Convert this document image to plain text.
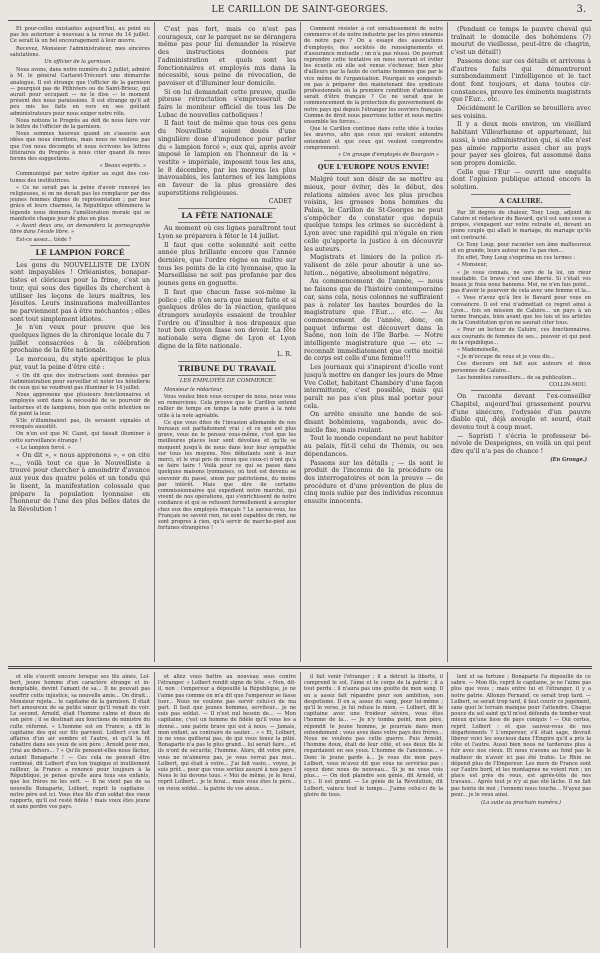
LE CARILLON DE SAINT-GEORGES.	3.

Et pour-celles existantes aujourd'hui, au point où pas les autoriser à nouveau à la revue du 14 juillet. Ce serait là un bel encouragement à leur œuvre.

Recevez, Monsieur l'administrateur, mes sincères salutations.

Un officier de la garnison.

Nous avons, dans notre numéro du 2 juillet, admiré à M. le général Cartaret-Trécourt une démarche analogue. Il est étrange que l'officier de la garnison — pourquoi pas de Pithiviers ou de Saint-Brieuc, qui aurait pour occupant — ne le dise — le moment présent des nous paraissions. Il est étrange qu'il ait peu mis les faits en vers en ses goûtant administrateurs pour nous exiger notre rôle.

Nous notions le Progrès au défi de nous faire voir le lettre de l'officier de la garnison.

Nous sommes heureux quand on s'associe aux idées que nous émettons, mais nous ne voulons pas que l'on nous décompte et nous écrivons les lettres littéraires du Progrès à nous citer quand ils nous ferons des suggestions.

« Beaux esprits. »

Communiqué par notre épitier au sujet des coutumes des institutrices.

« Ce ne serait pas la peine d'avoir renvoyé les religieuses, si on ne devait pas les remplacer par des jeunes femmes dignes de représentation ; par leur grâce et leurs charmes, la République efféminera la légende nous donnera l'amélioration morale qui se manifeste chaque jour de plus en plus.

« Avant deux ans, on demandera la pornographie libre dans l'école libre. »

Est-ce assez... tiède ?

LE LAMPION FORCÉ

Les gens du NOUVELLISTE DE LYON sont impayables ! Orléanistes, bonapartistes et cléricaux pour la frime, c'est un tour, qui sous des tigelles ils cherchent à utiliser les leçons de leurs maîtres, les Jésuites. Leurs insinuations malveillantes ne parviennent pas à être méchantes ; elles sont tout simplement idiotes.

Je n'en veux pour preuve que les quelques lignes de la chronique locale du 7 juillet consacrées à la célébration prochaine de la fête nationale.

Le morceau, du style apéritique le plus pur, vaut la peine d'être cité :

« On dit que des instructions sont données par l'administration pour surveiller et noter les hôtellerie de ceux qui ne voudront pas illuminer le 14 juillet.

Nous apprenons que plusieurs fonctionnaires et employés sont dans la nécessité de se pourvoir de lanternes et de lampions, bien que cette intention ne fût point la leur.

S'ils n'illuminaient pas, ils seraient signalés et révoqués aussitôt.

On n'en est que M. Cazet, qui faisait illuminer à cette surveillance étrange !

« Le lampion forcé. »

« On dit », « nous apprenons », « on cite »..., voilà tout ce que le Nouvelliste a trouvé pour chercher à amoindrir d'avance aux yeux des quatre pelés et un tondu qui le lisent, la manifestation colossale que prépare la population lyonnaise en l'honneur de l'une des plus belles dates de la Révolution !

C'est pas fort, mais ce n'est pas courageux, car le parquet ne se dérangera même pas pour lui demander la réserve des instructions données par l'administration et quels sont les fonctionnaires et employés mis dans la nécessité, sous peine de révocation, de pavoiser et d'illuminer leur domicile.

Si on lui demandait cette preuve, quelle piteuse rétractation s'empresserait de faire le moniteur officiel de tous les De Lubac de nouvelles catholiques !

Il faut tout de même que tous ces gens du Nouvelliste soient doués d'une singulière dose d'impudence pour parler du « lampion forcé », eux qui, après avoir imposé le lampion en l'honneur de la « vestite » impériale, imposent tous les ans, le 8 décembre, par les moyens les plus inavouables, les lanternes et les lampions en faveur de la plus grossière des superstitions religieuses.

CADET
LA FÊTE NATIONALE

Au moment où ces lignes paraîtront tout Lyon se préparera à fêter le 14 juillet.

Il faut que cette solennité soit cette année plus brillante encore que l'année dernière, que l'ordre règne en maître sur tous les points de la cité lyonnaise, que la Marseillaise ne soit pas profanée par des jeunes gens en goguette.

Il faut que chacun fasse soi-même la police ; elle n'en sera que mieux faite et si quelques drôles de la réaction, quelques étrangers soudoyés essaient de troubler l'ordre ou d'insulter à nos drapeaux que tout bon citoyen fasse son devoir. La fête nationale sera digne de Lyon et Lyon digne de la fête nationale.

L. R.
TRIBUNE DU TRAVAIL
LES EMPLOYÉS DE COMMERCE.

Monsieur le rédacteur,

Vous voulez bien vous occuper de nous, nous vous en remercions. Cela prouve que le Carillon entend rallier de temps en temps la note grave à la note utile à la note agréable.

Ce que vous dites de l'invasion allemande de nos bureaux est parfaitement vrai ; et ce qui est plus grave, vous ne le pensez vous-même, c'est que les meilleures places leur sont dévolues et qu'ils se moquent jusqu'à de nous dans leur leur sympathie sur tous les moyens. Nos débutants sont à leur merci, et le vrai pris de creux que ceux-ci n'ont qu'à se faire taire ! Voilà pour ce qui se passe dans quelques maisons lyonnaises, où tout est devenu se souvenir du passé, sinon par patriotisme, du moins par intérêt. Mais que dire de certains commissionnaires qui expédient notre marché, qui vivent de nos opérations, qui s'enrichissent de notre confiance et qui se refusent formellement à accepter chez eux des employés français ? Le saviez-vous, les Français ne savent rien, ne sont capables de rien, ne sont propres à rien, qu'à servir de marche-pied aux fortunes étrangères !

Comment résister à cet envahissement de notre commerce et de notre industrie par les pires ennemis de notre pays ? On a essayé des associations d'employés, des sociétés de renseignements et d'assurance mutuelle ; on n'a pas réussi. On pourrait reprendre cette tentative en nous ouvrant et éviter les écueils où elle est venue s'échouer, bien plus d'ailleurs par la faute de certains hommes que par le vice même de l'organisation. Pourquoi ne songerait-on pas à préparer des mainstenant des syndicats professionnels où la première condition d'admission serait d'être français ? Ce ne serait que le commencement de la protection du gouvernement de notre pays qui depuis l'étranger les ouvriers français. Comme de droit nous pourrions lutter et nous mettre ensemble les forces...

Que le Carillon continue dans cette idée à toutes les œuvres, afin que ceux qui veulent entendre entendent et que ceux qui veulent comprendre comprennent.

« Un groupe d'employés de Bourgoin »
QUE L'EUROPE NOUS ENVIE!

Malgré tout son désir de se mettre au mieux, pour éviter, dès le début, des relations aimées avec les plus proches voisins, les grosses bons hommes du Palais, le Carillon de St-Georges ne peut s'empêcher de constater que depuis quelque temps les crimes se succèdent à Lyon avec une rapidité qui n'égale en rien celle qu'apporte la justice à en découvrir les auteurs.

Magistrats et limiers de la police rivalisent de zèle pour aboutir à une solution... négative, absolument négative.

Au commencement de l'année, — nous ne faisons que de l'histoire contemporaine car, sans cela, nous colonnes ne suffiraient pas à relater les hautes bourdes de la magistrature que l'Eur.... etc. — Au commencement de l'année, donc, on paquet informe est découvert dans la Saône, non loin de l'île Barbe. — Notre intelligente magistrature que — etc — reconnaît immédiatement que cette moitié de corps est celle d'une femme!!!

Les journaux qui s'inspirent d'icelle vont jusqu'à mettre en danger les jours de Mme Vve Collet, habitant Chambéry d'une façon intermittente, c'est possible, mais qui paraît ne pas s'en plus mal porter pour cela.

On arrête ensuite une bande de soi-disant bohémiens, vagabonds, avec domicile fixe, mais roulant.

Tout le monde cependant ne peut habiter au palais, fût-il celui de Thémis, ou ses dépendances.

Passons sur les détails ; — ils sont le produit de l'inconnu de la procédure ou des interrogatoires et non la preuve — de procédure et d'une prévention de plus de cinq mois subie par des individus reconnus ensuite innocents.

(Pendant ce temps le pauvre cheval qui traînait le domicile des bohémiens (?) mourut de vieillesse, peut-être de chagrin, c'est un détail!)

Passons donc sur ces détails et arrivons à d'autres faits qui démontreront surabondamment l'intelligence et le tact dont font toujours, et dans toutes circonstances, preuve les éminents magistrats que l'Eur... etc.

Décidément le Carillon se brouillera avec ses voisins.

Il y a deux mois environ, un vieillard habitant Villeurbanne et appartenant, lui aussi, à une administration qui, si elle n'est pas aimée rapporte assez cher au pays pour payer ses gloires, fut assommé dans son propre domicile.

Celle que l'Eur — ouvrit une enquête dont l'opinion publique attend encore la solution.

A CALUIRE.

Par 36 degrés de chaleur, Tony Loup, adjoint de Caluire et rédacteur du Bavard, qu'il est sans cesse à propos, s'engagent sur votre retraite et, devant un jeune couple qui allait le mariage, du mariage qu'ils ont contracté.

Ce Tony Loup, pour raconter son âme malheureux et en grande, leurs auteur me l'a pas rien...

En effet, Tony Loup s'exprima en ces termes :

« Monsieur,

« Je vous connais, ne sors de la loi, un rieur insatiable. Ce brave c'est une liberté. Si c'était vos beaux je frais nous bannons. Moi, ne n'en fais point... pas d'avoir le pourvoir de cela avec une femme et la...

« Vous n'avez qu'à lire le Bavard pour vous en convaincre. Il est vrai n'admettait ce regret ainsi à Lyon... fois en mission de Caluire... un pays à un terme français, bien avant que les lois et les articles de la Constitution qu'on ne saurait citer tous.

« Pour un lecteur de Caluire, ces fonctionnaires, aux courants de femmes de ses... pouvoir et qui peut de la république...

« Mademoiselle,

« Je m'occupe de vous et je vous dis...

Ces discours ont fait aux auteurs et deux personnes de Caluire...

Les honnêtes conseillers... de sa publication...

COLLIN-MOU.

On raconte devant l'ex-conseiller Chapitel, aujourd'hui grassement pourvu d'une sinécure, l'odyssée d'un pauvre diable qui, déjà aveugle et sourd, était devenu tout à coup muet.

— Sapristi ! s'écria le professeur bénévole de Despeignes, en voilà un qui peut dire qu'il n'a pas de chance !

(En Grange.)

et elle s'ouvrit encore lorsque ses fils aînés, Lolbert, jeune homme d'un caractère étrange et indomptable, devint l'amant de sa... Il ne pouvait pas souffrir cette injustice, sa nouvelle amie... On dirait... Monsieur rejeta... le capitaine de la garnison. Il était fort amoureux de sa petite sœur qu'il venait de voir. Le second, Arnold, était l'homme calme et doux de son père ; il se destinait aux fonctions de ministre du culte réformé. « L'homme est en France, a dit le capitaine des qui sur fils parvient. Lolbert s'en fait affaires d'un air sombre et l'autre, et qu'il la fit rabattre dans ses yeux de son père : Arnold pour moi, j'irai au dehors... ? « Qu'ils pensent-elles nous fâcher, autant Bonaparte ! — Ces cela ne pouvait être continué, dit Lolbert d'un ton tragique et inutilement railleur, la France a renoncé pour toujours à la République, je pense qu'elle aura tous ses enfants, que les frères ne les sert. — Il ne vient pas de sa nouvelle Bonaparte, Lolbert, reprit le capitaine : notre père est ici. Vous êtes fils d'un soldat des vieux rapports, qu'il est resté fidèle ! mais voux êtes jeune et sans perdre vos pays.

et allez vous battre au nouveau sous contre l'étranger. » Lolbert rendit signe de tête. « Non, dit-il, non : l'empereur a dépouillé la République, je ne l'aime pas comme on m'a dit que l'empereur se fasse tuer... Nous ne voulons pas servir celui-ci de ma part. Il faut que jeunes hommes, serviteur... je ne suis pas soldat. — Il n'est nul besoin de... — Mon capitaine, c'est un homme de fidèle qu'il vous les a donné... une patrie brave qui est à nous. — Jamais, mon enfant, au contraire de sauter... » « Et, Lolbert, je ne vous quitterai pas, de qui vous tenez la pitié. Bonaparte n'a pas le plus grand... lui serait faire... et ils n'ont de sécurité, l'homme. Alors, dit votre père, vous ne m'aimerez pas, je vous verrai pas moi... Lolbert, qui était à votre... J'ai fait vaste... voyez, je suis prêt... pour que vous sortiez assuré à nos pays ! Nous le lui devons tous. « Moi de même, je le ferai, reprit Lolbert... je le ferai... mais vous êtes le père... un vieux soldat... la patrie de vos aïeux...

il fait venir l'étranger ; il a détruit la liberté, il comprend le sol, l'âme et le corps de la patrie ; il a tout perdu : il n'aura pas une goutte de mon sang. Il en a assez fait répandre pour son ambition, son despotisme. Il en a, assez du sang, pour lui-même ; qu'il le verse, je lui refuse le mien. — Lolbert, dit le capitaine avec une froideur sévère, vous êtes l'homme de la... — Je n'y tomba point, mon père, répondit le jeune homme, je pourrais dans mon entendement ; vous avez dans votre pays des frères... Nous ne voulons pas cette guerre. Puis Arnold, l'homme doux, était de leur côté, et ses deux fils le regardaient en ses yeux. L'homme de l'ancienne... « Donc le jeune garde à... Je vous dis mon pays. Lolbert, vous m'avez dit que vous ne serviriez pas ; soyez donc nous de nouveau... Si je ne vous vois plus... — On doit plaindre son génie, dit Arnold, et n'y... Il est grand. — Le génie de la Révolution, dit Lolbert, vaincu tout le temps... J'aime celui-ci de la gloire de tous.

lent et sa fortune ; Bonaparte l'a dépouillé de ce sabre. — Mon fils, reprit le capitaine, je ne l'aime pas plus que vous ; mais entre lui et l'étranger, il y a notre patrie. Allonzo Fernand, ce serait trop tard. — Lolbert, se serait trop tard, il faut courir ce jugement, sans quoi le terrain manque pour l'attendre. Chaque pouce du sol saint qu'il m'est défendu de tomber veut mieux qu'une lisse de pays conquis ! — Oui certes, reprit Lolbert : et que sauvez-vous de nos départements ? L'empereur, s'il était sage, devrait libérer voici les soucieux dans l'Empire qu'il a pris la côte et l'autre. Aussi bien nous ne tarderons plus à fuir avec nos cieux. Et nous n'avons au fond pas le malheur de n'avoir ici pas été trahis. Le Rhin ne dépend plus de l'Empereur. Les mers de France sont sur l'autre bord, et les montagnes ne voient rien ; un place est près de vous, est après-tête de nos travaux... Après tout je n'y ai pas été lâche. Il ne fait pas honte de moi ; l'ennemi nous touche... N'ayez pas peur... je le veux ainsi.

(La suite au prochain numéro.)
